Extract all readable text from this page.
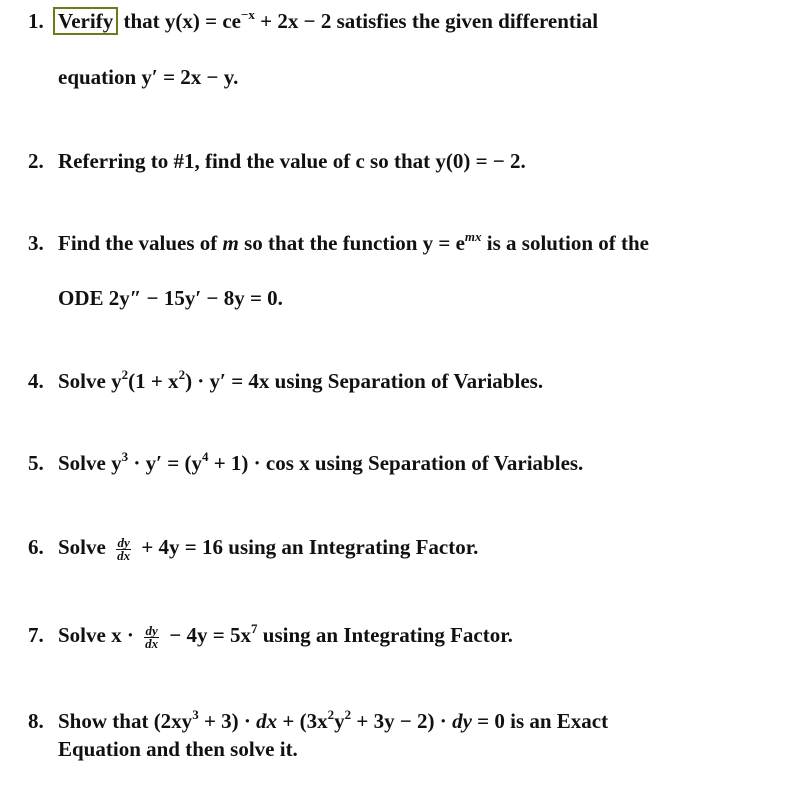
1. Verify that $y(x) = ce^{-x} + 2x - 2$ satisfies the given differential
equation y′ = 2x − y.
2. Referring to #1, find the value of c so that y(0) = − 2.
3. Find the values of m so that the function $y = e^{mx}$ is a solution of the
ODE 2y″ − 15y′ − 8y = 0.
4. Solve $y^2(1 + x^2) \cdot y' = 4x$ using Separation of Variables.
5. Solve $y^3 \cdot y' = (y^4 + 1) \cdot \cos x$ using Separation of Variables.
6. Solve $\frac{dy}{dx} + 4y = 16$ using an Integrating Factor.
7. Solve $x \cdot \frac{dy}{dx} - 4y = 5x^7$ using an Integrating Factor.
8. Show that $(2xy^3 + 3)$ · dx + $(3x^2y^2 + 3y - 2)$ · dy = 0 is an Exact
Equation and then solve it.
